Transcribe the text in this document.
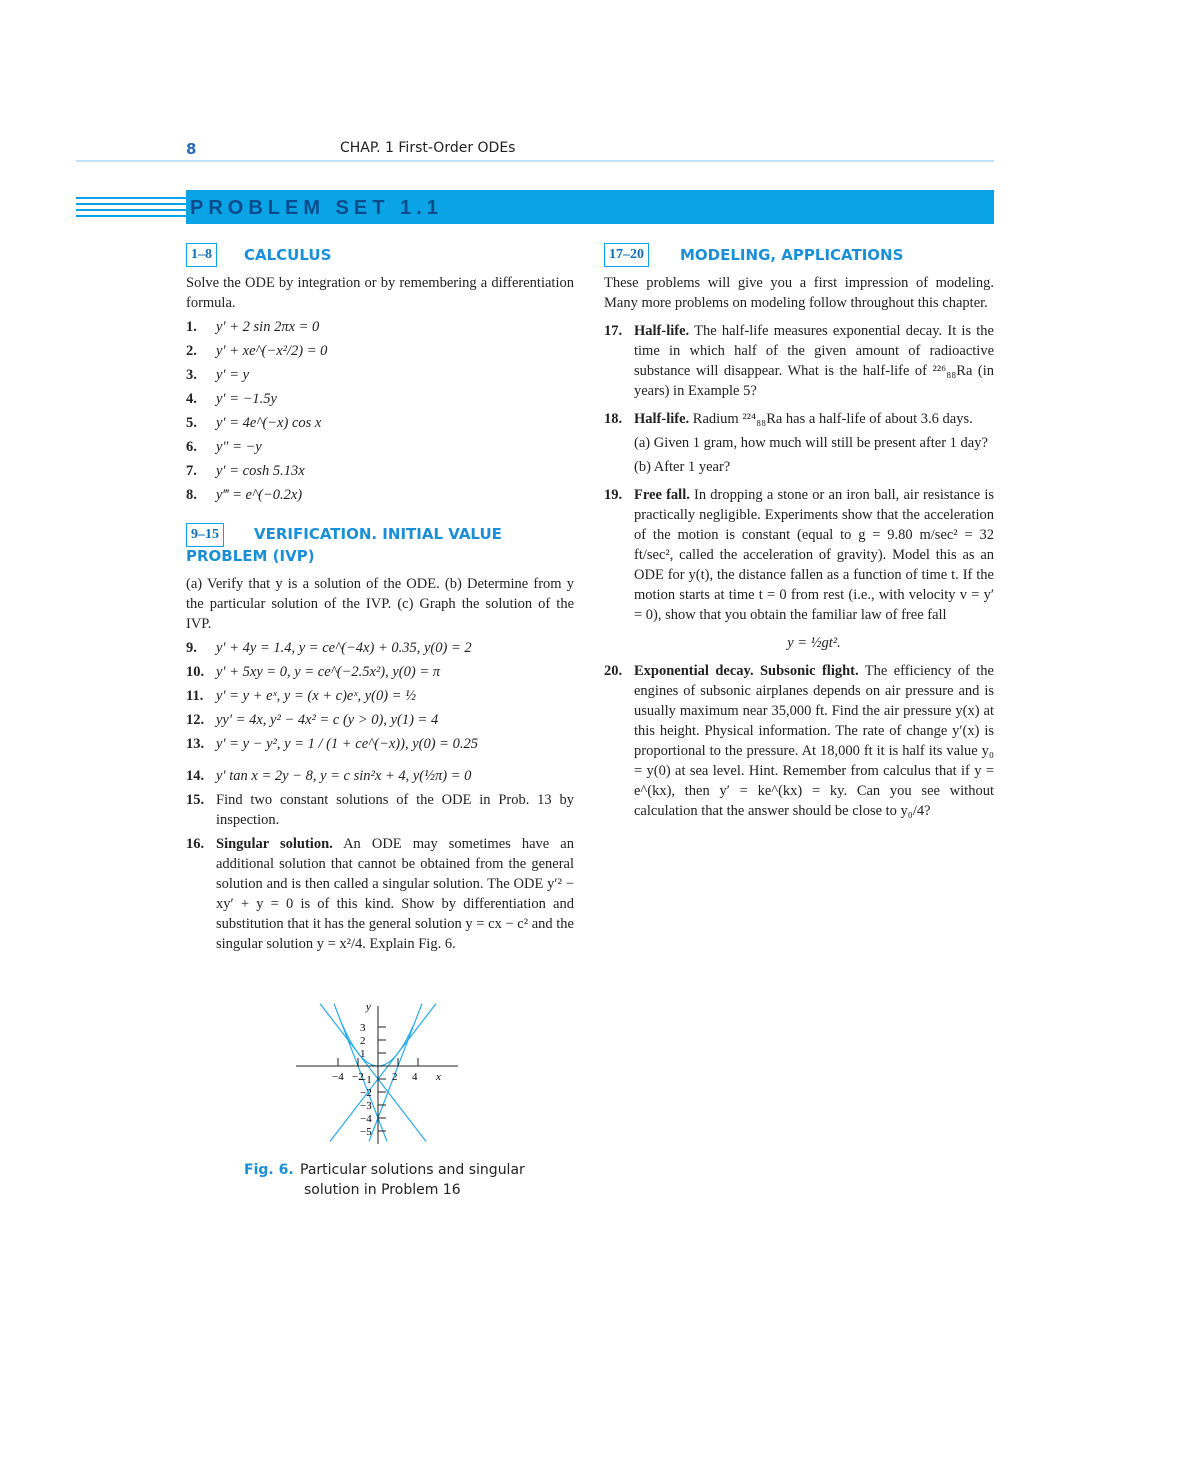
8	CHAP. 1 First-Order ODEs
PROBLEM SET 1.1
1–8	CALCULUS

Solve the ODE by integration or by remembering a differentiation formula.

1. y′ + 2 sin 2πx = 0
2. y′ + xe^(−x²/2) = 0
3. y′ = y
4. y′ = −1.5y
5. y′ = 4e^(−x) cos x
6. y″ = −y
7. y′ = cosh 5.13x
8. y‴ = e^(−0.2x)
9–15	VERIFICATION. INITIAL VALUE
PROBLEM (IVP)

(a) Verify that y is a solution of the ODE. (b) Determine from y the particular solution of the IVP. (c) Graph the solution of the IVP.

9. y′ + 4y = 1.4, y = ce^(−4x) + 0.35, y(0) = 2
10. y′ + 5xy = 0, y = ce^(−2.5x²), y(0) = π
11. y′ = y + eˣ, y = (x + c)eˣ, y(0) = ½
12. yy′ = 4x, y² − 4x² = c (y > 0), y(1) = 4
13. y′ = y − y², y = 1 / (1 + ce^(−x)), y(0) = 0.25
14. y′ tan x = 2y − 8, y = c sin²x + 4, y(½π) = 0
15. Find two constant solutions of the ODE in Prob. 13 by inspection.
16. Singular solution. An ODE may sometimes have an additional solution that cannot be obtained from the general solution and is then called a singular solution. The ODE y′² − xy′ + y = 0 is of this kind. Show by differentiation and substitution that it has the general solution y = cx − c² and the singular solution y = x²/4. Explain Fig. 6.
−4 −2	2 4
3
2
1
−1
−2
−3
−4
−5
y
x
Fig. 6. Particular solutions and singular
solution in Problem 16
17–20	MODELING, APPLICATIONS

These problems will give you a first impression of modeling. Many more problems on modeling follow throughout this chapter.

17. Half-life. The half-life measures exponential decay. It is the time in which half of the given amount of radioactive substance will disappear. What is the half-life of ²²⁶₈₈Ra (in years) in Example 5?

18. Half-life. Radium ²²⁴₈₈Ra has a half-life of about 3.6 days.

(a) Given 1 gram, how much will still be present after 1 day?

(b) After 1 year?

19. Free fall. In dropping a stone or an iron ball, air resistance is practically negligible. Experiments show that the acceleration of the motion is constant (equal to g = 9.80 m/sec² = 32 ft/sec², called the acceleration of gravity). Model this as an ODE for y(t), the distance fallen as a function of time t. If the motion starts at time t = 0 from rest (i.e., with velocity v = y′ = 0), show that you obtain the familiar law of free fall

y = ½gt².
20. Exponential decay. Subsonic flight. The efficiency of the engines of subsonic airplanes depends on air pressure and is usually maximum near 35,000 ft. Find the air pressure y(x) at this height. Physical information. The rate of change y′(x) is proportional to the pressure. At 18,000 ft it is half its value y₀ = y(0) at sea level. Hint. Remember from calculus that if y = e^(kx), then y′ = ke^(kx) = ky. Can you see without calculation that the answer should be close to y₀/4?
